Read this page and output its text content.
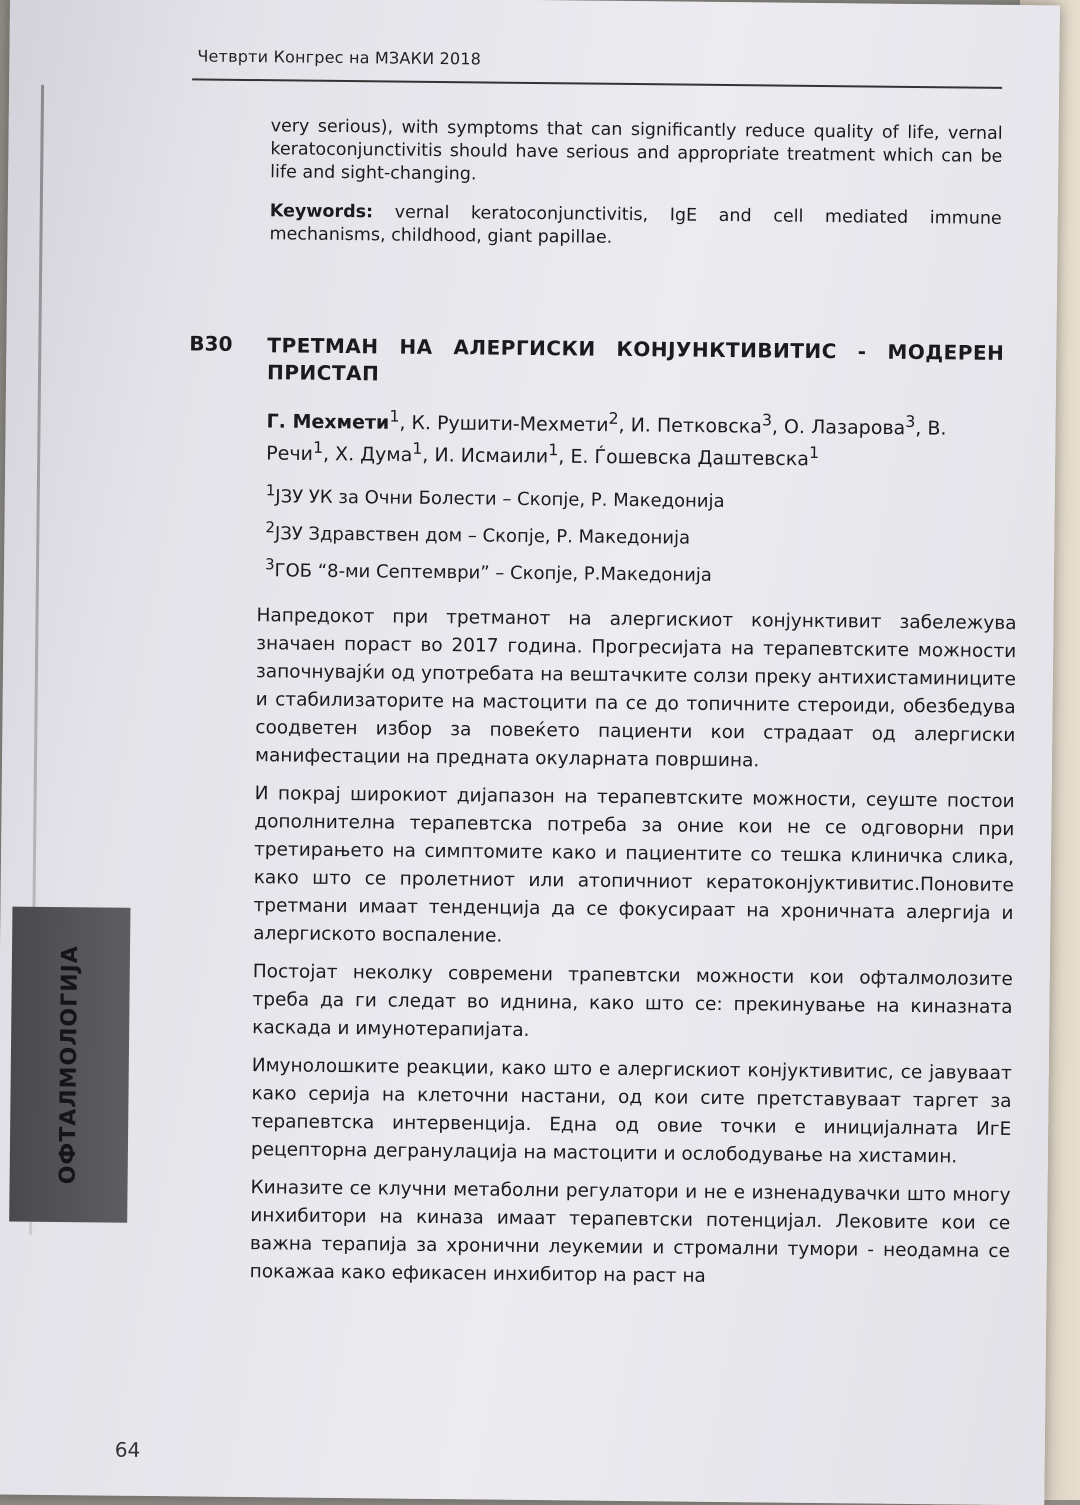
Четврти Конгрес на МЗАКИ 2018

very serious), with symptoms that can significantly reduce quality of life, vernal keratoconjunctivitis should have serious and appropriate treatment which can be life and sight-changing.

Keywords: vernal keratoconjunctivitis, IgE and cell mediated immune mechanisms, childhood, giant papillae.

B30	ТРЕТМАН НА АЛЕРГИСКИ КОНЈУНКТИВИТИС - МОДЕРЕН ПРИСТАП
Г. Мехмети$^1$, К. Рушити-Мехмети$^2$, И. Петковска$^3$, О. Лазарова$^3$, В. Речи$^1$, Х. Дума$^1$, И. Исмаили$^1$, Е. Ѓошевска Даштевска$^1$
$^1$ЈЗУ УК за Очни Болести – Скопје, Р. Македонија
$^2$ЈЗУ Здравствен дом – Скопје, Р. Македонија
$^3$ГОБ “8-ми Септември” – Скопје, Р.Македонија

Напредокот при третманот на алергискиот конјунктивит забележува значаен пораст во 2017 година. Прогресијата на терапевтските можности започнувајќи од употребата на вештачките солзи преку антихистаминиците и стабилизаторите на мастоцити па се до топичните стероиди, обезбедува соодветен избор за повеќето пациенти кои страдаат од алергиски манифестации на предната окуларната површина.

И покрај широкиот дијапазон на терапевтските можности, сеуште постои дополнителна терапевтска потреба за оние кои не се одговорни при третирањето на симптомите како и пациентите со тешка клиничка слика, како што се пролетниот или атопичниот кератоконјуктивитис.Поновите третмани имаат тенденција да се фокусираат на хроничната алергија и алергиското воспаление.

Постојат неколку современи трапевтски можности кои офталмолозите треба да ги следат во иднина, како што се: прекинување на киназната каскада и имунотерапијата.

Имунолошките реакции, како што е алергискиот конјуктивитис, се јавуваат како серија на клеточни настани, од кои сите претставуваат таргет за терапевтска интервенција. Една од овие точки е иницијалната ИгЕ рецепторна дегранулација на мастоцити и ослободување на хистамин.

Киназите се клучни метаболни регулатори и не е изненадувачки што многу инхибитори на киназа имаат терапевтски потенцијал. Лековите кои се важна терапија за хронични леукемии и стромални тумори - неодамна се покажаа како ефикасен инхибитор на раст на

ОФТАЛМОЛОГИЈА
64
